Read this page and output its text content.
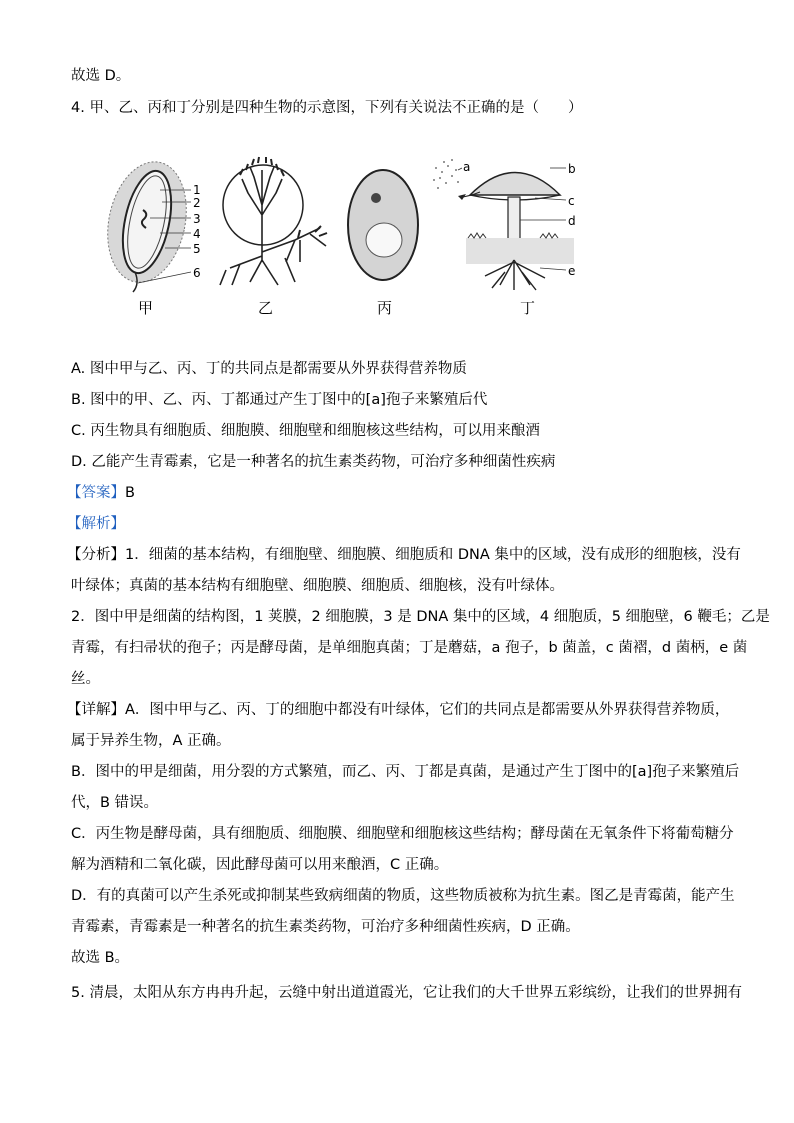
故选 D。
4. 甲、乙、丙和丁分别是四种生物的示意图，下列有关说法不正确的是（　　）
1
2
3
4
5
6
a	b
c
d
e
甲	乙	丙	丁
A. 图中甲与乙、丙、丁的共同点是都需要从外界获得营养物质
B. 图中的甲、乙、丙、丁都通过产生丁图中的[a]孢子来繁殖后代
C. 丙生物具有细胞质、细胞膜、细胞壁和细胞核这些结构，可以用来酿酒
D. 乙能产生青霉素，它是一种著名的抗生素类药物，可治疗多种细菌性疾病
【答案】B
【解析】
【分析】1．细菌的基本结构，有细胞壁、细胞膜、细胞质和 DNA 集中的区域，没有成形的细胞核，没有
叶绿体；真菌的基本结构有细胞壁、细胞膜、细胞质、细胞核，没有叶绿体。
2．图中甲是细菌的结构图，1 荚膜，2 细胞膜，3 是 DNA 集中的区域，4 细胞质，5 细胞壁，6 鞭毛；乙是
青霉，有扫帚状的孢子；丙是酵母菌，是单细胞真菌；丁是蘑菇，a 孢子，b 菌盖，c 菌褶，d 菌柄，e 菌
丝。
【详解】A．图中甲与乙、丙、丁的细胞中都没有叶绿体，它们的共同点是都需要从外界获得营养物质，
属于异养生物，A 正确。
B．图中的甲是细菌，用分裂的方式繁殖，而乙、丙、丁都是真菌，是通过产生丁图中的[a]孢子来繁殖后
代，B 错误。
C．丙生物是酵母菌，具有细胞质、细胞膜、细胞壁和细胞核这些结构；酵母菌在无氧条件下将葡萄糖分
解为酒精和二氧化碳，因此酵母菌可以用来酿酒，C 正确。
D．有的真菌可以产生杀死或抑制某些致病细菌的物质，这些物质被称为抗生素。图乙是青霉菌，能产生
青霉素，青霉素是一种著名的抗生素类药物，可治疗多种细菌性疾病，D 正确。
故选 B。
5. 清晨，太阳从东方冉冉升起，云缝中射出道道霞光，它让我们的大千世界五彩缤纷，让我们的世界拥有
